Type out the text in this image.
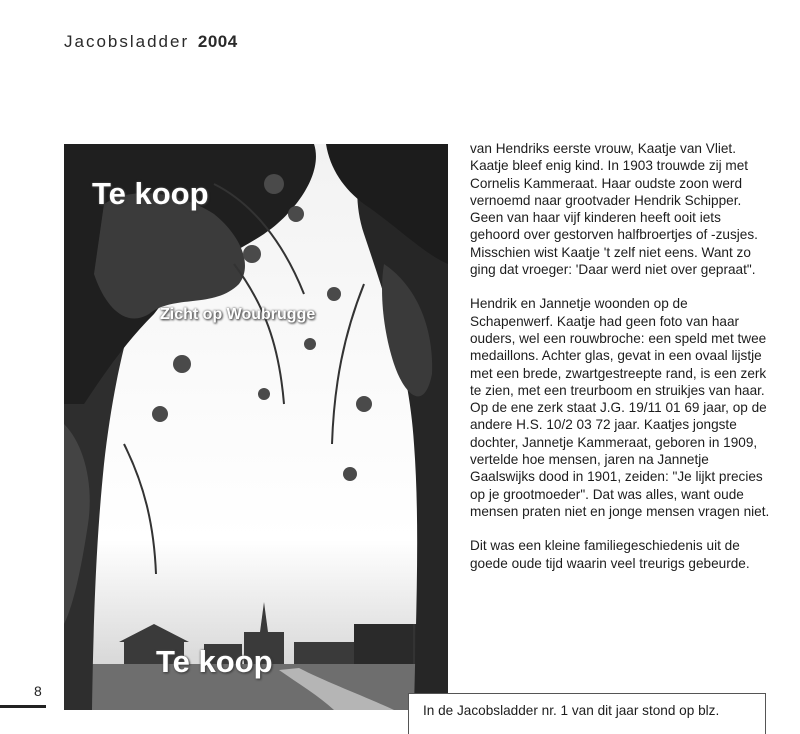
Jacobsladder 2004
Te koop
Zicht op Woubrugge
Te koop

van Hendriks eerste vrouw, Kaatje van Vliet. Kaatje bleef enig kind. In 1903 trouwde zij met Cornelis Kammeraat. Haar oudste zoon werd vernoemd naar grootvader Hendrik Schipper. Geen van haar vijf kinderen heeft ooit iets gehoord over gestorven halfbroertjes of -zusjes. Misschien wist Kaatje 't zelf niet eens. Want zo ging dat vroeger: 'Daar werd niet over gepraat".

Hendrik en Jannetje woonden op de Schapenwerf. Kaatje had geen foto van haar ouders, wel een rouwbroche: een speld met twee medaillons. Achter glas, gevat in een ovaal lijstje met een brede, zwartgestreepte rand, is een zerk te zien, met een treurboom en struikjes van haar. Op de ene zerk staat J.G. 19/11 01 69 jaar, op de andere H.S. 10/2 03 72 jaar. Kaatjes jongste dochter, Jannetje Kammeraat, geboren in 1909, vertelde hoe mensen, jaren na Jannetje Gaalswijks dood in 1901, zeiden: "Je lijkt precies op je grootmoeder". Dat was alles, want oude mensen praten niet en jonge mensen vragen niet.

Dit was een kleine familiegeschiedenis uit de goede oude tijd waarin veel treurigs gebeurde.

8
In de Jacobsladder nr. 1 van dit jaar stond op blz.
